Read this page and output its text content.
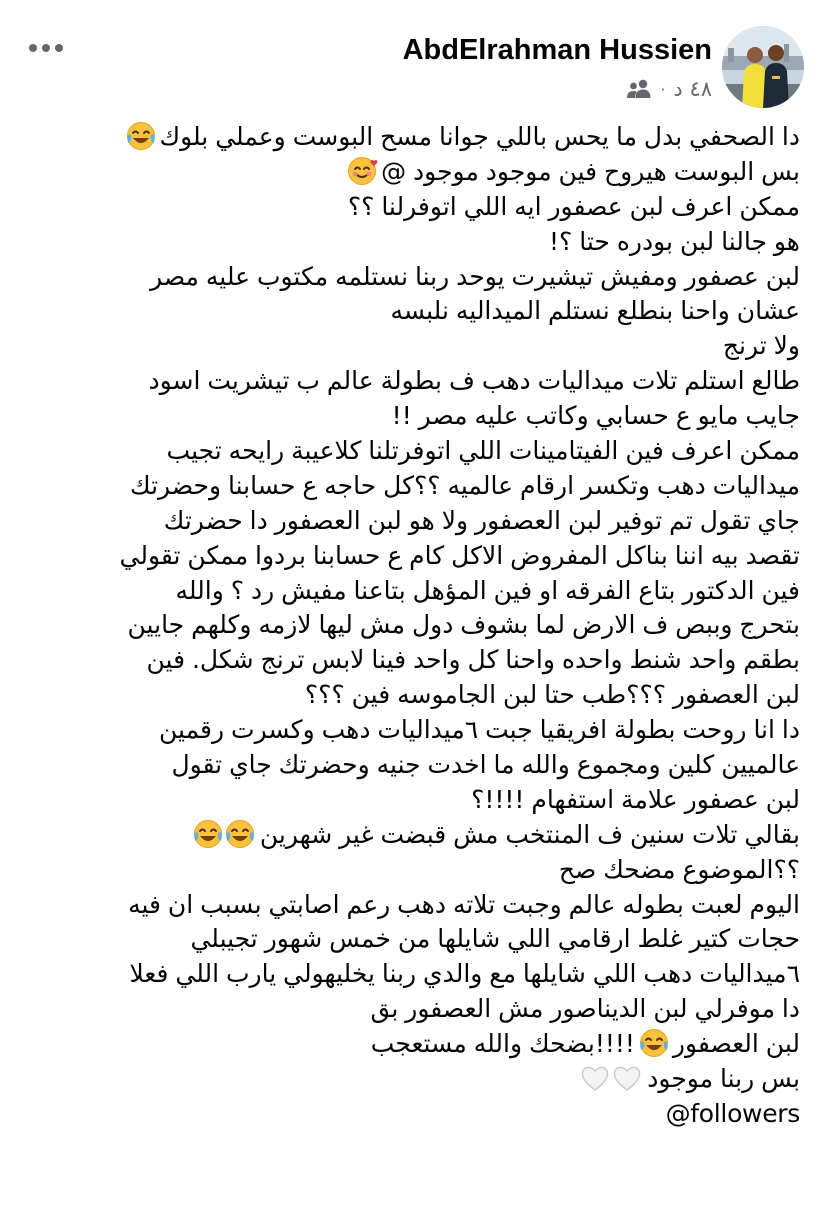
AbdElrahman Hussien
٤٨ د
·
دا الصحفي بدل ما يحس باللي جوانا مسح البوست وعملي بلوك
بس البوست هيروح فين موجود موجود @
ممكن اعرف لبن عصفور ايه اللي اتوفرلنا ؟؟
هو جالنا لبن بودره حتا ؟!
لبن عصفور ومفيش تيشيرت يوحد ربنا نستلمه مكتوب عليه مصر
عشان واحنا بنطلع نستلم الميداليه نلبسه
ولا ترنج
طالع استلم تلات ميداليات دهب ف بطولة عالم ب تيشريت اسود
جايب مايو ع حسابي وكاتب عليه مصر !!
ممكن اعرف فين الفيتامينات اللي اتوفرتلنا كلاعيبة رايحه تجيب
ميداليات دهب وتكسر ارقام عالميه ؟؟كل حاجه ع حسابنا وحضرتك
جاي تقول تم توفير لبن العصفور ولا هو لبن العصفور دا حضرتك
تقصد بيه اننا بناكل المفروض الاكل كام ع حسابنا بردوا ممكن تقولي
فين الدكتور بتاع الفرقه او فين المؤهل بتاعنا مفيش رد ؟ والله
بتحرج وببص ف الارض لما بشوف دول مش ليها لازمه وكلهم جايين
بطقم واحد شنط واحده واحنا كل واحد فينا لابس ترنج شكل. فين
لبن العصفور ؟؟؟طب حتا لبن الجاموسه فين ؟؟؟
دا انا روحت بطولة افريقيا جبت ٦ميداليات دهب وكسرت رقمين
عالميين كلين ومجموع والله ما اخدت جنيه وحضرتك جاي تقول
لبن عصفور علامة استفهام !!!!؟
بقالي تلات سنين ف المنتخب مش قبضت غير شهرين
؟؟الموضوع مضحك صح
اليوم لعبت بطوله عالم وجبت تلاته دهب رعم اصابتي بسبب ان فيه
حجات كتير غلط ارقامي اللي شايلها من خمس شهور تجيبلي
٦ميداليات دهب اللي شايلها مع والدي ربنا يخليهولي يارب اللي فعلا
دا موفرلي لبن الديناصور مش العصفور بق
لبن العصفور!!!!بضحك والله مستعجب
بس ربنا موجود
@followers
